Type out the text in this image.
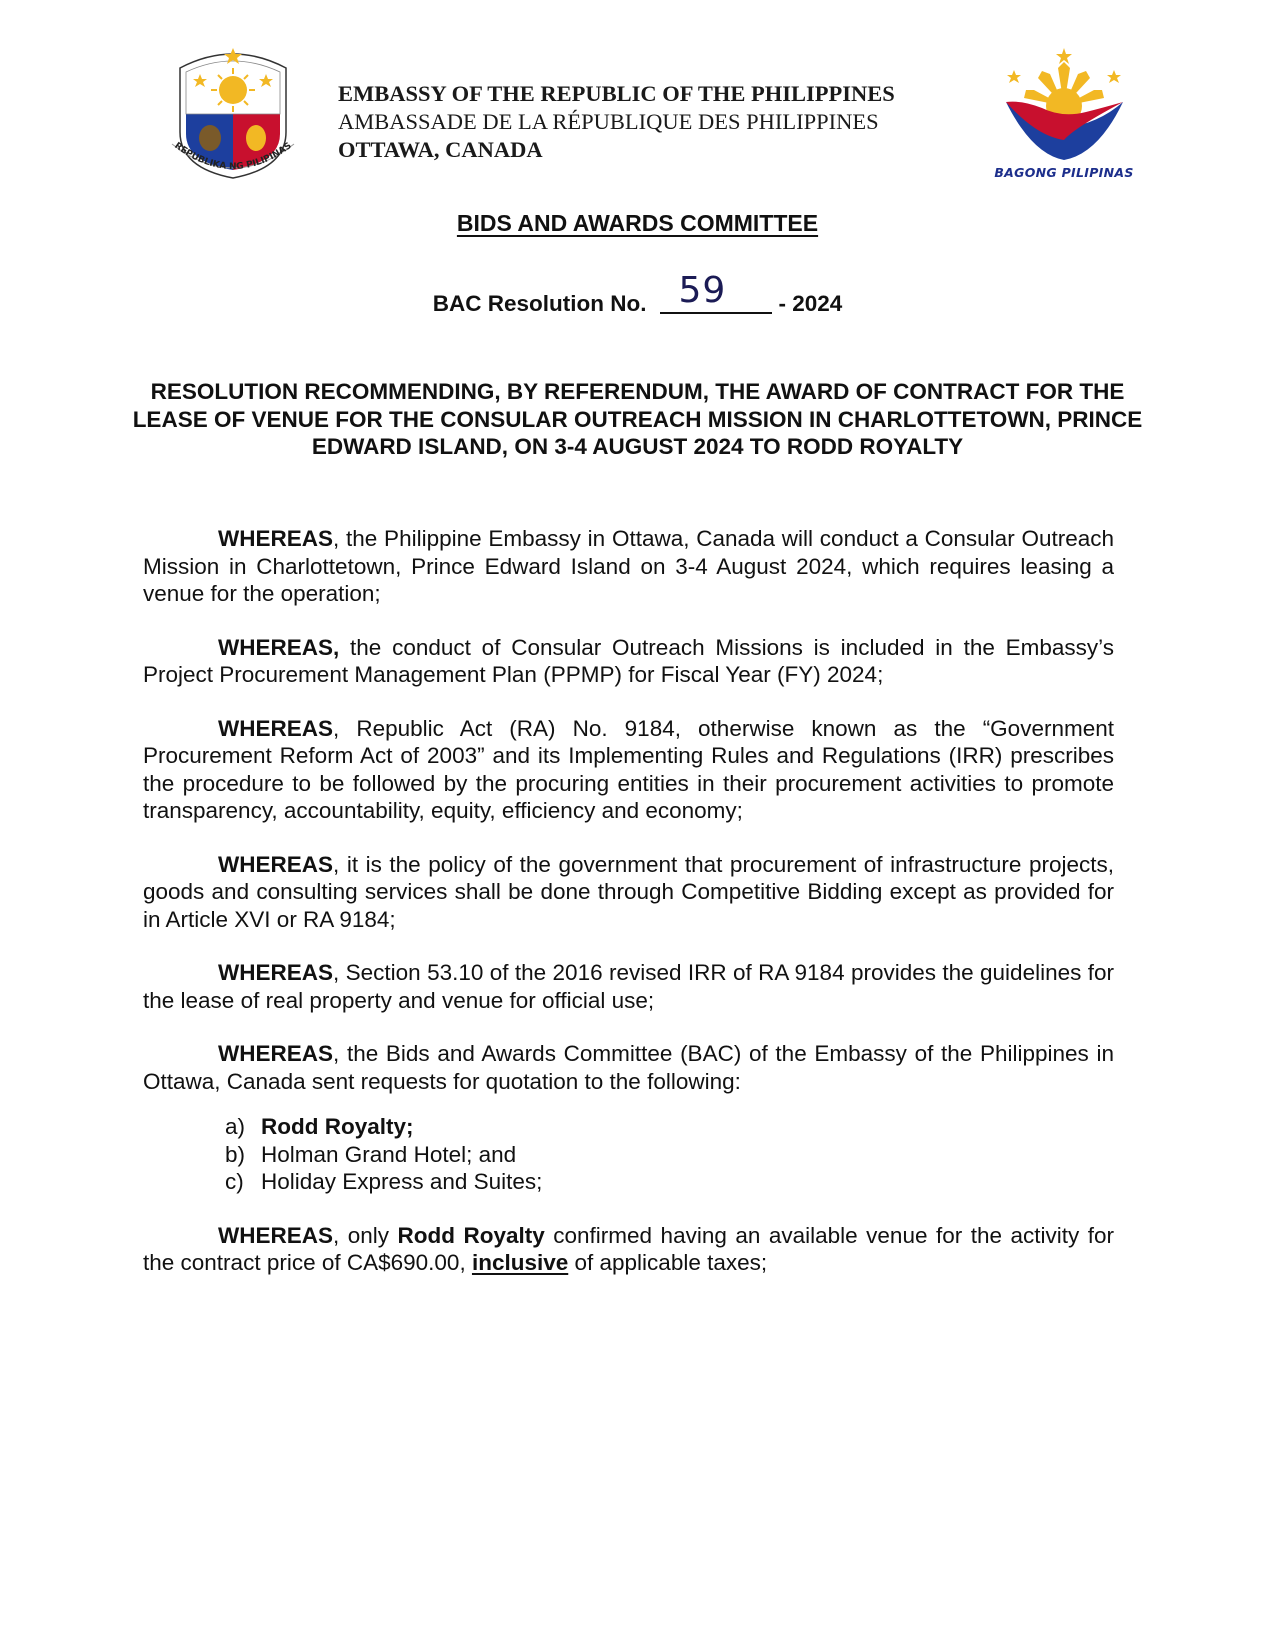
REPUBLIKA NG PILIPINAS
EMBASSY OF THE REPUBLIC OF THE PHILIPPINES
AMBASSADE DE LA RÉPUBLIQUE DES PHILIPPINES
OTTAWA, CANADA
BAGONG PILIPINAS
BIDS AND AWARDS COMMITTEE
BAC Resolution No. 59 - 2024
RESOLUTION RECOMMENDING, BY REFERENDUM, THE AWARD OF CONTRACT FOR THE LEASE OF VENUE FOR THE CONSULAR OUTREACH MISSION IN CHARLOTTETOWN, PRINCE EDWARD ISLAND, ON 3-4 AUGUST 2024 TO RODD ROYALTY

WHEREAS, the Philippine Embassy in Ottawa, Canada will conduct a Consular Outreach Mission in Charlottetown, Prince Edward Island on 3-4 August 2024, which requires leasing a venue for the operation;

WHEREAS, the conduct of Consular Outreach Missions is included in the Embassy’s Project Procurement Management Plan (PPMP) for Fiscal Year (FY) 2024;

WHEREAS, Republic Act (RA) No. 9184, otherwise known as the “Government Procurement Reform Act of 2003” and its Implementing Rules and Regulations (IRR) prescribes the procedure to be followed by the procuring entities in their procurement activities to promote transparency, accountability, equity, efficiency and economy;

WHEREAS, it is the policy of the government that procurement of infrastructure projects, goods and consulting services shall be done through Competitive Bidding except as provided for in Article XVI or RA 9184;

WHEREAS, Section 53.10 of the 2016 revised IRR of RA 9184 provides the guidelines for the lease of real property and venue for official use;

WHEREAS, the Bids and Awards Committee (BAC) of the Embassy of the Philippines in Ottawa, Canada sent requests for quotation to the following:

a) Rodd Royalty;
b) Holman Grand Hotel; and
c) Holiday Express and Suites;

WHEREAS, only Rodd Royalty confirmed having an available venue for the activity for the contract price of CA$690.00, inclusive of applicable taxes;
